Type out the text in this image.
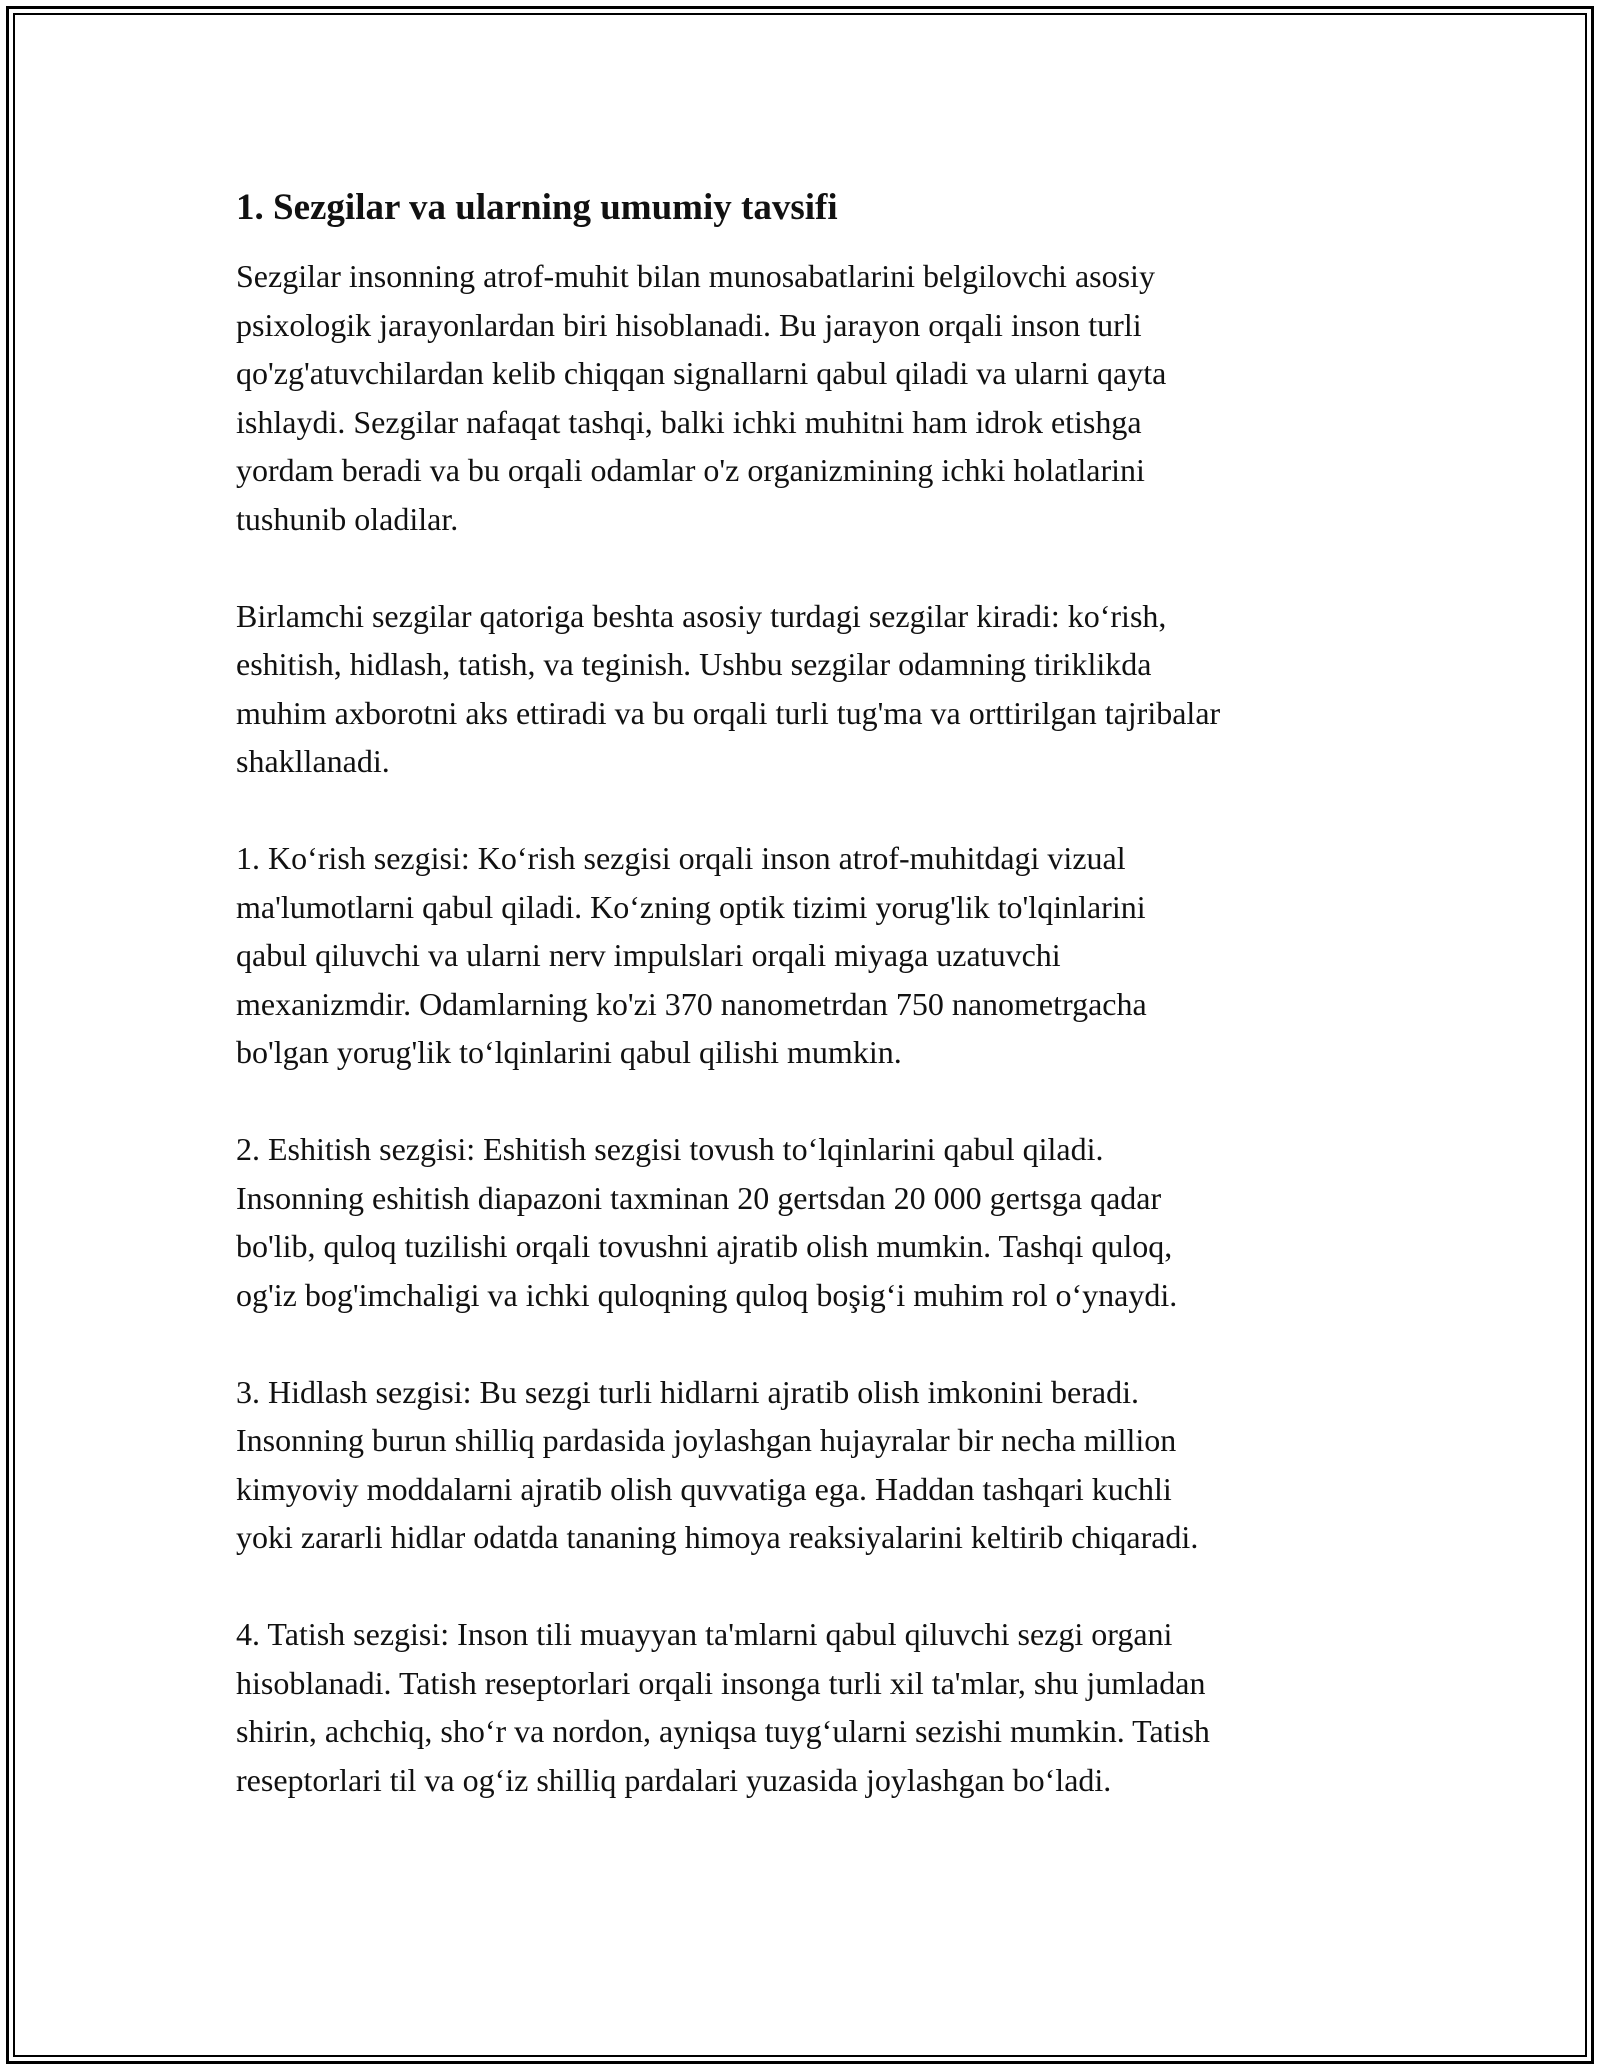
1. Sezgilar va ularning umumiy tavsifi

Sezgilar insonning atrof-muhit bilan munosabatlarini belgilovchi asosiy
psixologik jarayonlardan biri hisoblanadi. Bu jarayon orqali inson turli
qo'zg'atuvchilardan kelib chiqqan signallarni qabul qiladi va ularni qayta
ishlaydi. Sezgilar nafaqat tashqi, balki ichki muhitni ham idrok etishga
yordam beradi va bu orqali odamlar o'z organizmining ichki holatlarini
tushunib oladilar.

Birlamchi sezgilar qatoriga beshta asosiy turdagi sezgilar kiradi: ko‘rish,
eshitish, hidlash, tatish, va teginish. Ushbu sezgilar odamning tiriklikda
muhim axborotni aks ettiradi va bu orqali turli tug'ma va orttirilgan tajribalar
shakllanadi.

1. Ko‘rish sezgisi: Ko‘rish sezgisi orqali inson atrof-muhitdagi vizual
ma'lumotlarni qabul qiladi. Ko‘zning optik tizimi yorug'lik to'lqinlarini
qabul qiluvchi va ularni nerv impulslari orqali miyaga uzatuvchi
mexanizmdir. Odamlarning ko'zi 370 nanometrdan 750 nanometrgacha
bo'lgan yorug'lik to‘lqinlarini qabul qilishi mumkin.

2. Eshitish sezgisi: Eshitish sezgisi tovush to‘lqinlarini qabul qiladi.
Insonning eshitish diapazoni taxminan 20 gertsdan 20 000 gertsga qadar
bo'lib, quloq tuzilishi orqali tovushni ajratib olish mumkin. Tashqi quloq,
og'iz bog'imchaligi va ichki quloqning quloq boşig‘i muhim rol o‘ynaydi.

3. Hidlash sezgisi: Bu sezgi turli hidlarni ajratib olish imkonini beradi.
Insonning burun shilliq pardasida joylashgan hujayralar bir necha million
kimyoviy moddalarni ajratib olish quvvatiga ega. Haddan tashqari kuchli
yoki zararli hidlar odatda tananing himoya reaksiyalarini keltirib chiqaradi.

4. Tatish sezgisi: Inson tili muayyan ta'mlarni qabul qiluvchi sezgi organi
hisoblanadi. Tatish reseptorlari orqali insonga turli xil ta'mlar, shu jumladan
shirin, achchiq, sho‘r va nordon, ayniqsa tuyg‘ularni sezishi mumkin. Tatish
reseptorlari til va og‘iz shilliq pardalari yuzasida joylashgan bo‘ladi.
